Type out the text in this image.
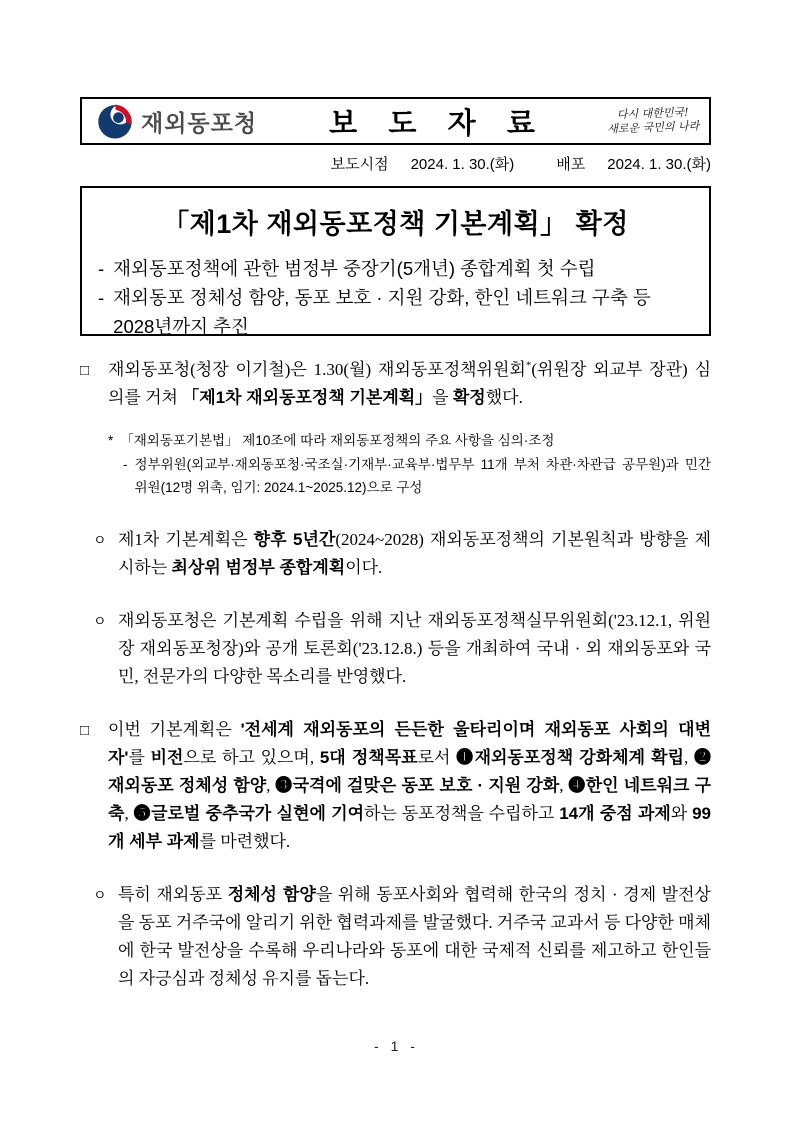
재외동포청 보 도 자 료	다시 대한민국!
새로운 국민의 나라
보도시점 2024. 1. 30.(화)	배포 2024. 1. 30.(화)
「제1차 재외동포정책 기본계획」 확정
- 재외동포정책에 관한 범정부 중장기(5개년) 종합계획 첫 수립
- 재외동포 정체성 함양, 동포 보호 · 지원 강화, 한인 네트워크 구축 등 2028년까지 추진
□	재외동포청(청장 이기철)은 1.30(월) 재외동포정책위원회*(위원장 외교부 장관) 심의를 거쳐 「제1차 재외동포정책 기본계획」을 확정했다.
* 「재외동포기본법」 제10조에 따라 재외동포정책의 주요 사항을 심의·조정
- 정부위원(외교부·재외동포청·국조실·기재부·교육부·법무부 11개 부처 차관·차관급 공무원)과 민간위원(12명 위촉, 임기: 2024.1~2025.12)으로 구성
ㅇ 제1차 기본계획은 향후 5년간(2024~2028) 재외동포정책의 기본원칙과 방향을 제시하는 최상위 범정부 종합계획이다.
ㅇ 재외동포청은 기본계획 수립을 위해 지난 재외동포정책실무위원회('23.12.1, 위원장 재외동포청장)와 공개 토론회('23.12.8.) 등을 개최하여 국내 · 외 재외동포와 국민, 전문가의 다양한 목소리를 반영했다.
□	이번 기본계획은 '전세계 재외동포의 든든한 울타리이며 재외동포 사회의 대변자'를 비전으로 하고 있으며, 5대 정책목표로서 ❶재외동포정책 강화체계 확립, ❷재외동포 정체성 함양, ❸국격에 걸맞은 동포 보호 · 지원 강화, ❹한인 네트워크 구축, ❺글로벌 중추국가 실현에 기여하는 동포정책을 수립하고 14개 중점 과제와 99개 세부 과제를 마련했다.
ㅇ 특히 재외동포 정체성 함양을 위해 동포사회와 협력해 한국의 정치 · 경제 발전상을 동포 거주국에 알리기 위한 협력과제를 발굴했다. 거주국 교과서 등 다양한 매체에 한국 발전상을 수록해 우리나라와 동포에 대한 국제적 신뢰를 제고하고 한인들의 자긍심과 정체성 유지를 돕는다.
- 1 -
